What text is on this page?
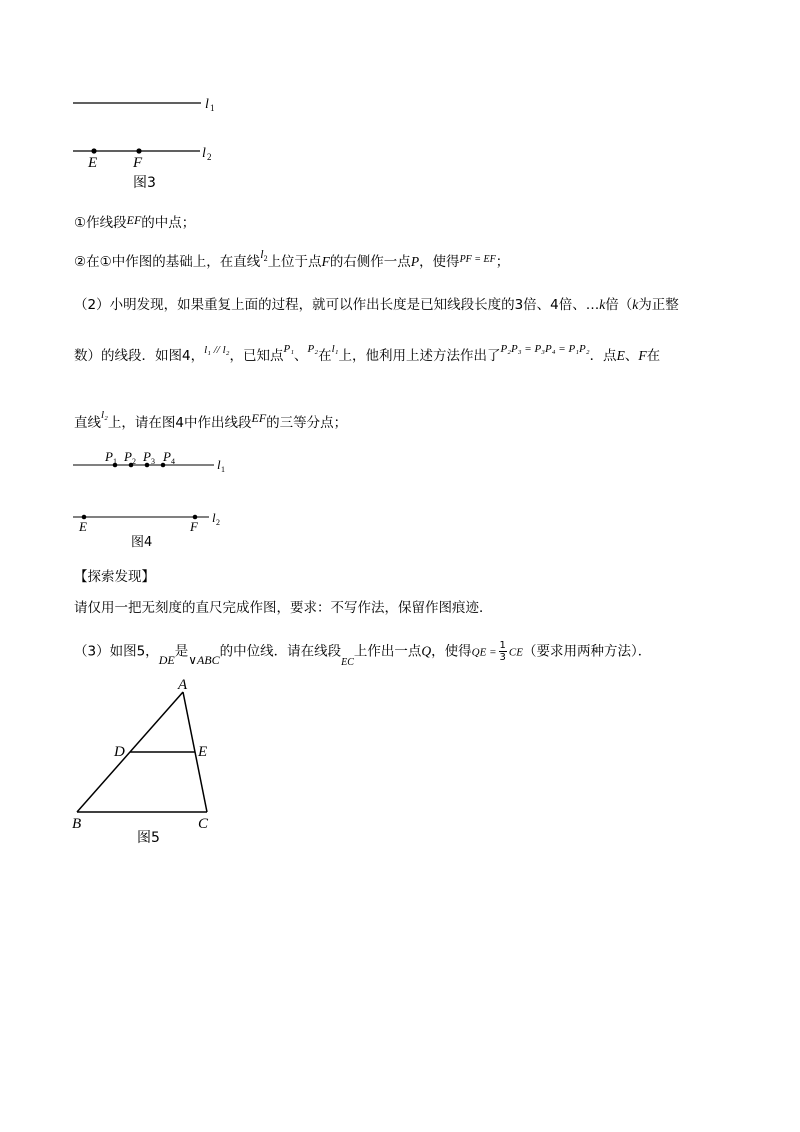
l 1
l 2
E F
图3
①作线段EF的中点；
②在①中作图的基础上，在直线$l^2$上位于点F的右侧作一点P，使得$^{PF = EF}$；
（2）小明发现，如果重复上面的过程，就可以作出长度是已知线段长度的3倍、4倍、…k倍（k为正整
数）的线段．如图4，$^{l_1 // l_2}$，已知点$^{P_1}$、$^{P_2}$在$^{l_1}$上，他利用上述方法作出了$^{P_2P_3 = P_3P_4 = P_1P_2}$．点E、F在
直线$^{l_2}$上，请在图4中作出线段EF的三等分点；
P 1 P 2 P 3 P 4	l 1
l 2
E	F
图4
【探索发现】
请仅用一把无刻度的直尺完成作图，要求：不写作法，保留作图痕迹．
（3）如图5，DE是∨ABC的中位线．请在线段$_{EC}$上作出一点Q，使得QE = $\frac{1}{3} CE$（要求用两种方法）．
A
D	E
B	C
图5
